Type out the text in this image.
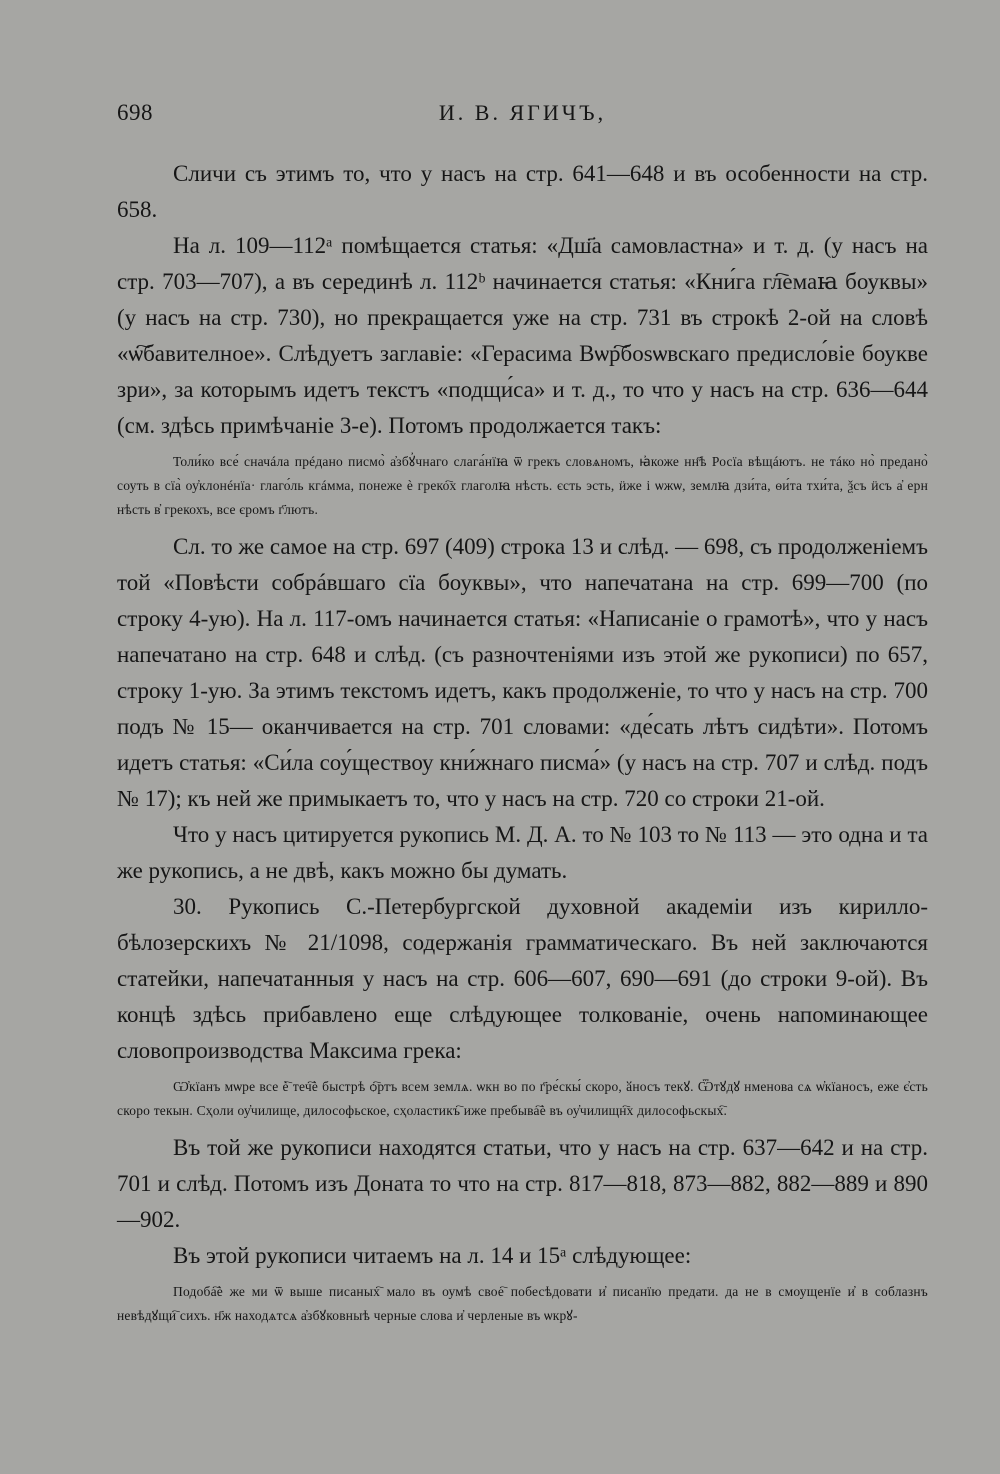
698	И. В. ЯГИЧЪ,

Сличи съ этимъ то, что у насъ на стр. 641—648 и въ особенности на стр. 658.

На л. 109—112ᵃ помѣщается статья: «Дш҃а самовластна» и т. д. (у насъ на стр. 703—707), а въ серединѣ л. 112ᵇ начинается статья: «Кни́га гл҇емаꙗ боуквы» (у насъ на стр. 730), но прекращается уже на стр. 731 въ строкѣ 2-ой на словѣ «ѡ҇бавителное». Слѣдуетъ заглавіе: «Герасима Вѡр҇боѕѡвскаго предисло́віе боукве зри», за которымъ идетъ текстъ «подщи́са» и т. д., то что у насъ на стр. 636—644 (см. здѣсь примѣчаніе 3-е). Потомъ продолжается такъ:

Толи́ко все́ сначáла прéдано писмо̀ а҆збꙋ҆чнаго слага́нїꙗ ѿ грекъ словѧномъ, ꙗ҆коже нн҃ѣ Росїа вѣщáютъ. не тáко но̀ предано̀ соуть в сїа̀ оу҆клонéнїа· глаго́ль кгáмма, понеже ѐ греко҇х глаголꙗ нѣсть. єсть эсть, ӥже і ѡжѡ, землꙗ дзи́та, ѳи́та тхи́та, ѯсъ ӥсъ а҆ ерн нѣсть в҆ грекохъ, все єромъ г҃лютъ.

Сл. то же самое на стр. 697 (409) строка 13 и слѣд. — 698, съ продолженіемъ той «Повѣсти собрáвшаго сїа боуквы», что напечатана на стр. 699—700 (по строку 4-ую). На л. 117-омъ начинается статья: «Написаніе о грамотѣ», что у насъ напечатано на стр. 648 и слѣд. (съ разночтеніями изъ этой же рукописи) по 657, строку 1-ую. За этимъ текстомъ идетъ, какъ продолженіе, то что у насъ на стр. 700 подъ № 15— оканчивается на стр. 701 словами: «де́сать лѣтъ сидѣти». Потомъ идетъ статья: «Си́ла соу́ществоу кни́жнаго писма́» (у насъ на стр. 707 и слѣд. подъ № 17); къ ней же примыкаетъ то, что у насъ на стр. 720 со строки 21-ой.

Что у насъ цитируется рукопись М. Д. А. то № 103 то № 113 — это одна и та же рукопись, а не двѣ, какъ можно бы думать.

30. Рукопись С.-Петербургской духовной академіи изъ кирилло-бѣлозерскихъ № 21/1098, содержанія грамматическаго. Въ ней заключаются статейки, напечатанныя у насъ на стр. 606—607, 690—691 (до строки 9-ой). Въ концѣ здѣсь прибавлено еще слѣдующее толкованіе, очень напоминающее словопроизводства Максима грека:

Ѡ҆кїанъ мѡре все ѐ҇ теч҇ѐ быстрѣ ѻ҇ртъ всем землѧ. ѡкн во по г҃ре́скы́ скоро, ӑносъ текꙋ. Ѿтꙋдꙋ нменова сѧ ѡ҆кїаносъ, еже є҆сть скоро текын. Сҳоли оу҆чилище, дилософьское, сҳоластикъ҇ иже пребыва҇ѐ въ оу҆чилищн҇х дилософьскых҇.

Въ той же рукописи находятся статьи, что у насъ на стр. 637—642 и на стр. 701 и слѣд. Потомъ изъ Доната то что на стр. 817—818, 873—882, 882—889 и 890—902.

Въ этой рукописи читаемъ на л. 14 и 15ᵃ слѣдующее:

Подоба҇ѐ же ми ѿ выше писаных҇ мало въ оумѣ свое҇ побесѣдовати и҆ писанїю предати. да не в смоущенїе и҆ в соблазнъ невѣдꙋщи҇ сихъ. н҃ж находѧтсѧ а҆збꙋковныѣ черные слова и҆ черленые въ ѡкрꙋ-
